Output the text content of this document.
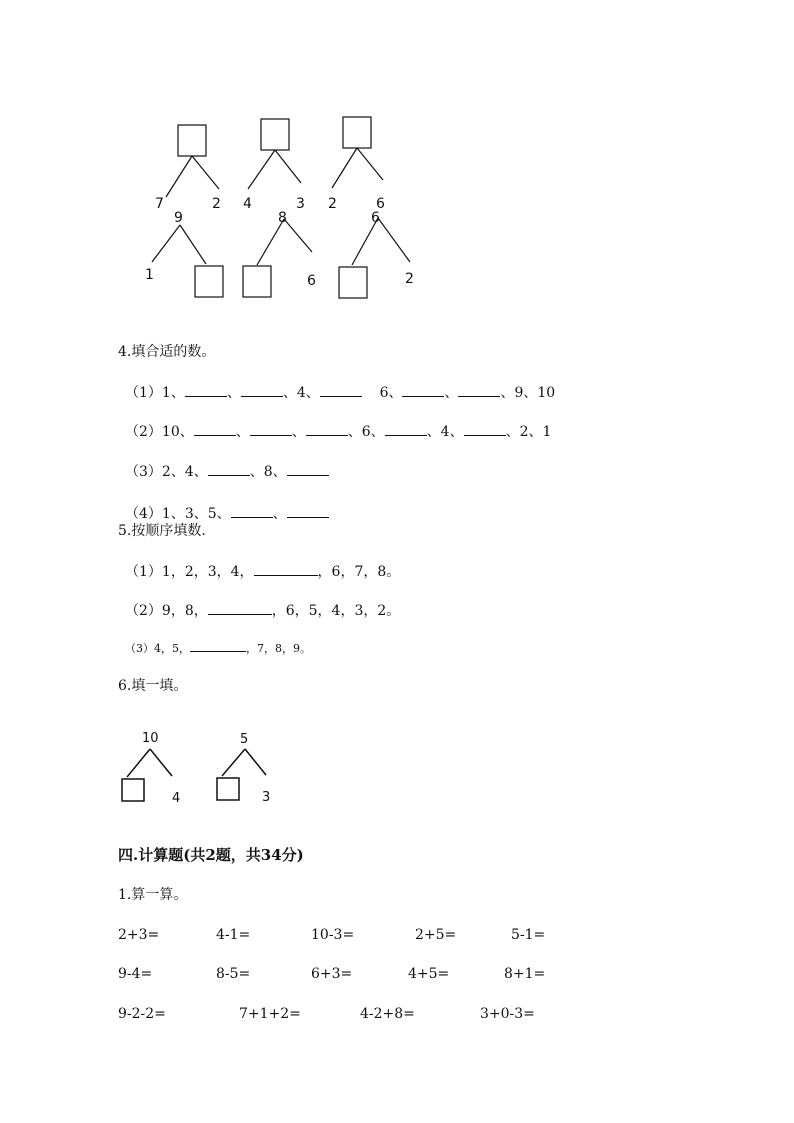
7	2 4	3 2	6
9
1
8
6
6
2
4.填合适的数。
（1）1、	、	、4、	6、	、	、9、10
（2）10、	、	、	、6、	、4、	、2、1
（3）2、4、	、8、
（4）1、3、5、	、
5.按顺序填数.
（1）1，2，3，4，	，6，7，8。
（2）9，8，	，6，5，4，3，2。
（3）4，5，	，7，8，9。
6.填一填。
10
4
5
3
四.计算题(共2题，共34分)
1.算一算。
2+3=	4-1=	10-3=	2+5=	5-1=
9-4=	8-5=	6+3=	4+5=	8+1=
9-2-2=	7+1+2=	4-2+8=	3+0-3=
